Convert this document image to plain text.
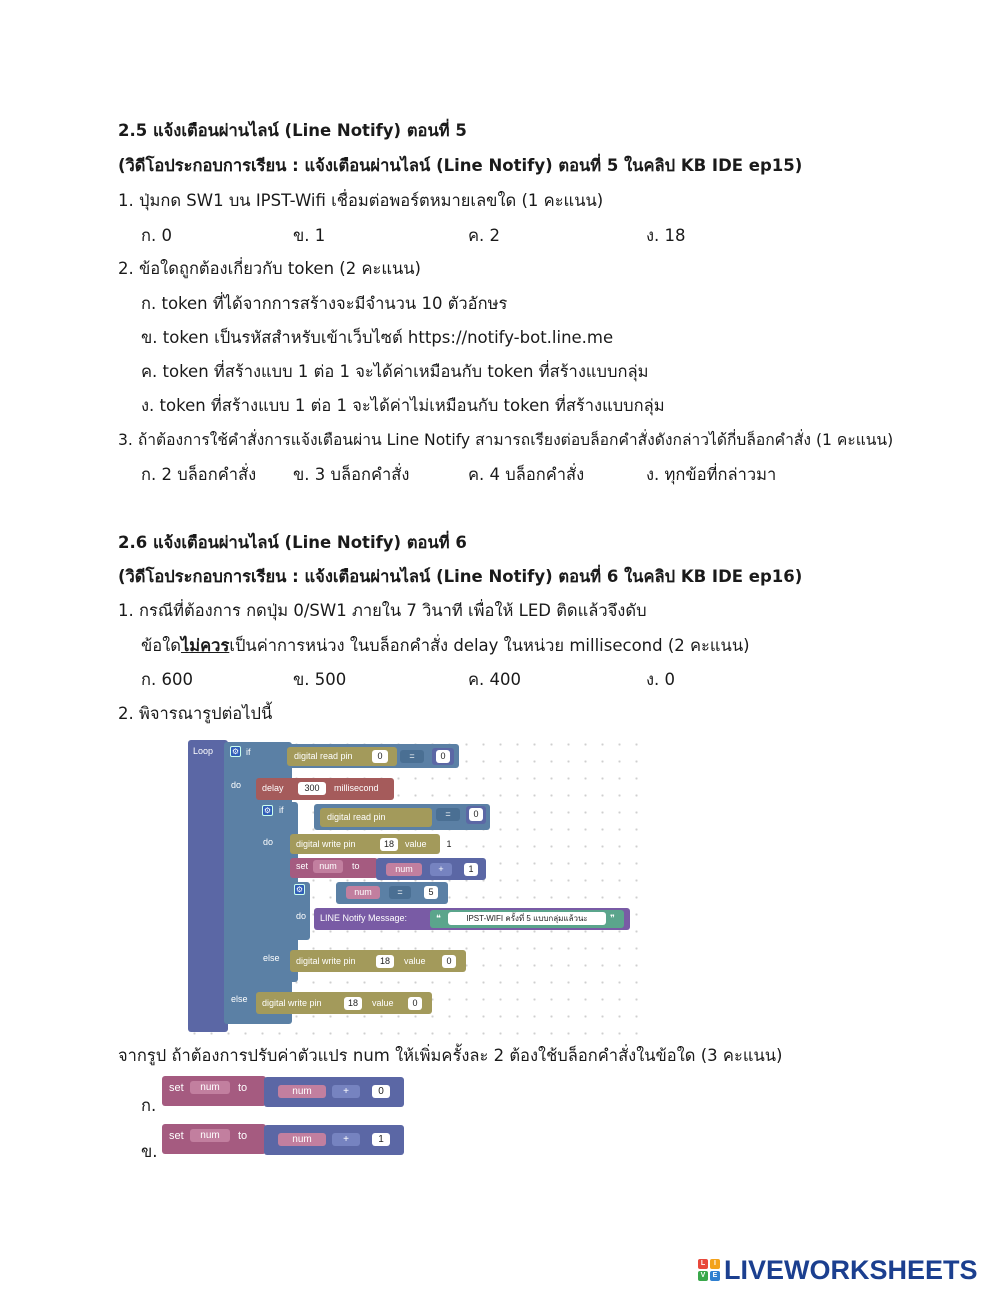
2.5 แจ้งเตือนผ่านไลน์ (Line Notify) ตอนที่ 5
(วิดีโอประกอบการเรียน : แจ้งเตือนผ่านไลน์ (Line Notify) ตอนที่ 5 ในคลิป KB IDE ep15)
1. ปุ่มกด SW1 บน IPST-Wifi เชื่อมต่อพอร์ตหมายเลขใด (1 คะแนน)
ก. 0	ข. 1	ค. 2	ง. 18
2. ข้อใดถูกต้องเกี่ยวกับ token (2 คะแนน)
ก. token ที่ได้จากการสร้างจะมีจำนวน 10 ตัวอักษร
ข. token เป็นรหัสสำหรับเข้าเว็บไซต์ https://notify-bot.line.me
ค. token ที่สร้างแบบ 1 ต่อ 1 จะได้ค่าเหมือนกับ token ที่สร้างแบบกลุ่ม
ง. token ที่สร้างแบบ 1 ต่อ 1 จะได้ค่าไม่เหมือนกับ token ที่สร้างแบบกลุ่ม
3. ถ้าต้องการใช้คำสั่งการแจ้งเตือนผ่าน Line Notify สามารถเรียงต่อบล็อกคำสั่งดังกล่าวได้กี่บล็อกคำสั่ง (1 คะแนน)
ก. 2 บล็อกคำสั่ง ข. 3 บล็อกคำสั่ง	ค. 4 บล็อกคำสั่ง	ง. ทุกข้อที่กล่าวมา
2.6 แจ้งเตือนผ่านไลน์ (Line Notify) ตอนที่ 6
(วิดีโอประกอบการเรียน : แจ้งเตือนผ่านไลน์ (Line Notify) ตอนที่ 6 ในคลิป KB IDE ep16)
1. กรณีที่ต้องการ กดปุ่ม 0/SW1 ภายใน 7 วินาที เพื่อให้ LED ติดแล้วจึงดับ
ข้อใดไม่ควรเป็นค่าการหน่วง ในบล็อกคำสั่ง delay ในหน่วย millisecond (2 คะแนน)
ก. 600	ข. 500	ค. 400	ง. 0
2. พิจารณารูปต่อไปนี้
Loop ⚙ if
do
else
digital read pin	0	=	0
delay	300	millisecond
⚙ if
do
else
digital read pin	=	0
digital write pin	18	value	1
set	num	to	num	+	1
⚙ if
do
num	=	5
LINE Notify Message:	❝	IPST-WIFI ครั้งที่ 5 แบบกลุ่มแล้วนะ	❞
digital write pin	18	value	0
digital write pin	18	value	0
จากรูป ถ้าต้องการปรับค่าตัวแปร num ให้เพิ่มครั้งละ 2 ต้องใช้บล็อกคำสั่งในข้อใด (3 คะแนน)
ก.
set	num	to	num	+	0
ข.
set	num	to	num	+	1
L	I
V	E LIVEWORKSHEETS
